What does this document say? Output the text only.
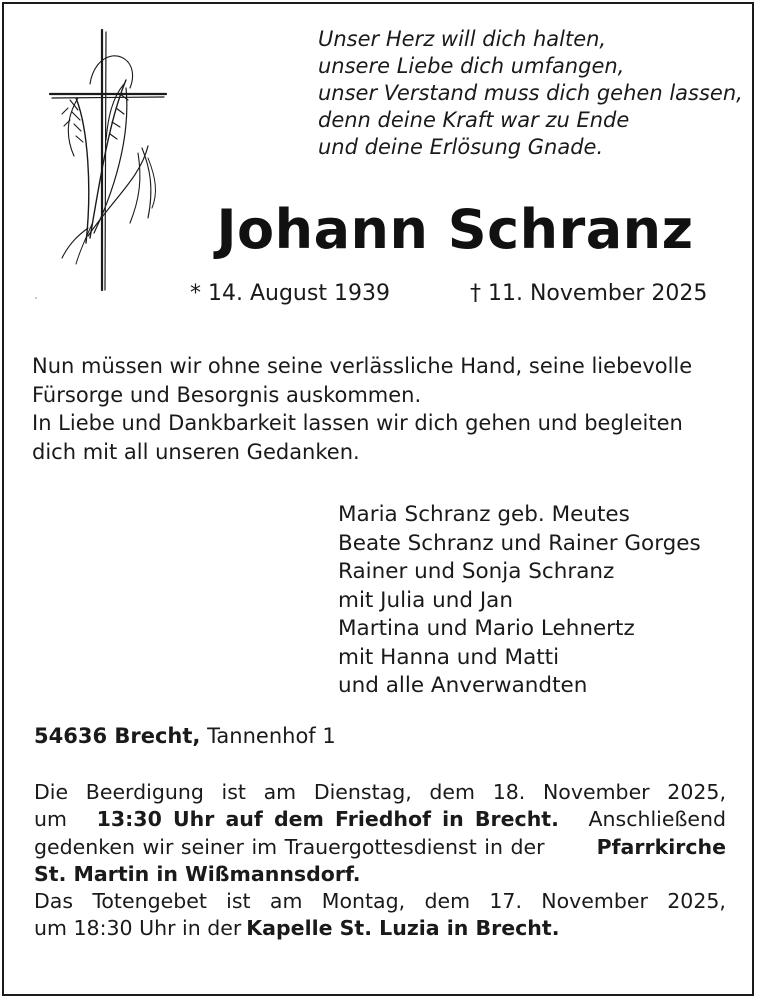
Unser Herz will dich halten,
unsere Liebe dich umfangen,
unser Verstand muss dich gehen lassen,
denn deine Kraft war zu Ende
und deine Erlösung Gnade.
Johann Schranz
* 14. August 1939	† 11. November 2025
Nun müssen wir ohne seine verlässliche Hand, seine liebevolle
Fürsorge und Besorgnis auskommen.
In Liebe und Dankbarkeit lassen wir dich gehen und begleiten
dich mit all unseren Gedanken.
Maria Schranz geb. Meutes
Beate Schranz und Rainer Gorges
Rainer und Sonja Schranz
mit Julia und Jan
Martina und Mario Lehnertz
mit Hanna und Matti
und alle Anverwandten
54636 Brecht, Tannenhof 1
Die Beerdigung ist am Dienstag, dem 18. November 2025,
um 13:30 Uhr auf dem Friedhof in Brecht. Anschließend
gedenken wir seiner im Trauergottesdienst in der	Pfarrkirche
St. Martin in Wißmannsdorf.
Das Totengebet ist am Montag, dem 17. November 2025,
um 18:30 Uhr in der Kapelle St. Luzia in Brecht.
